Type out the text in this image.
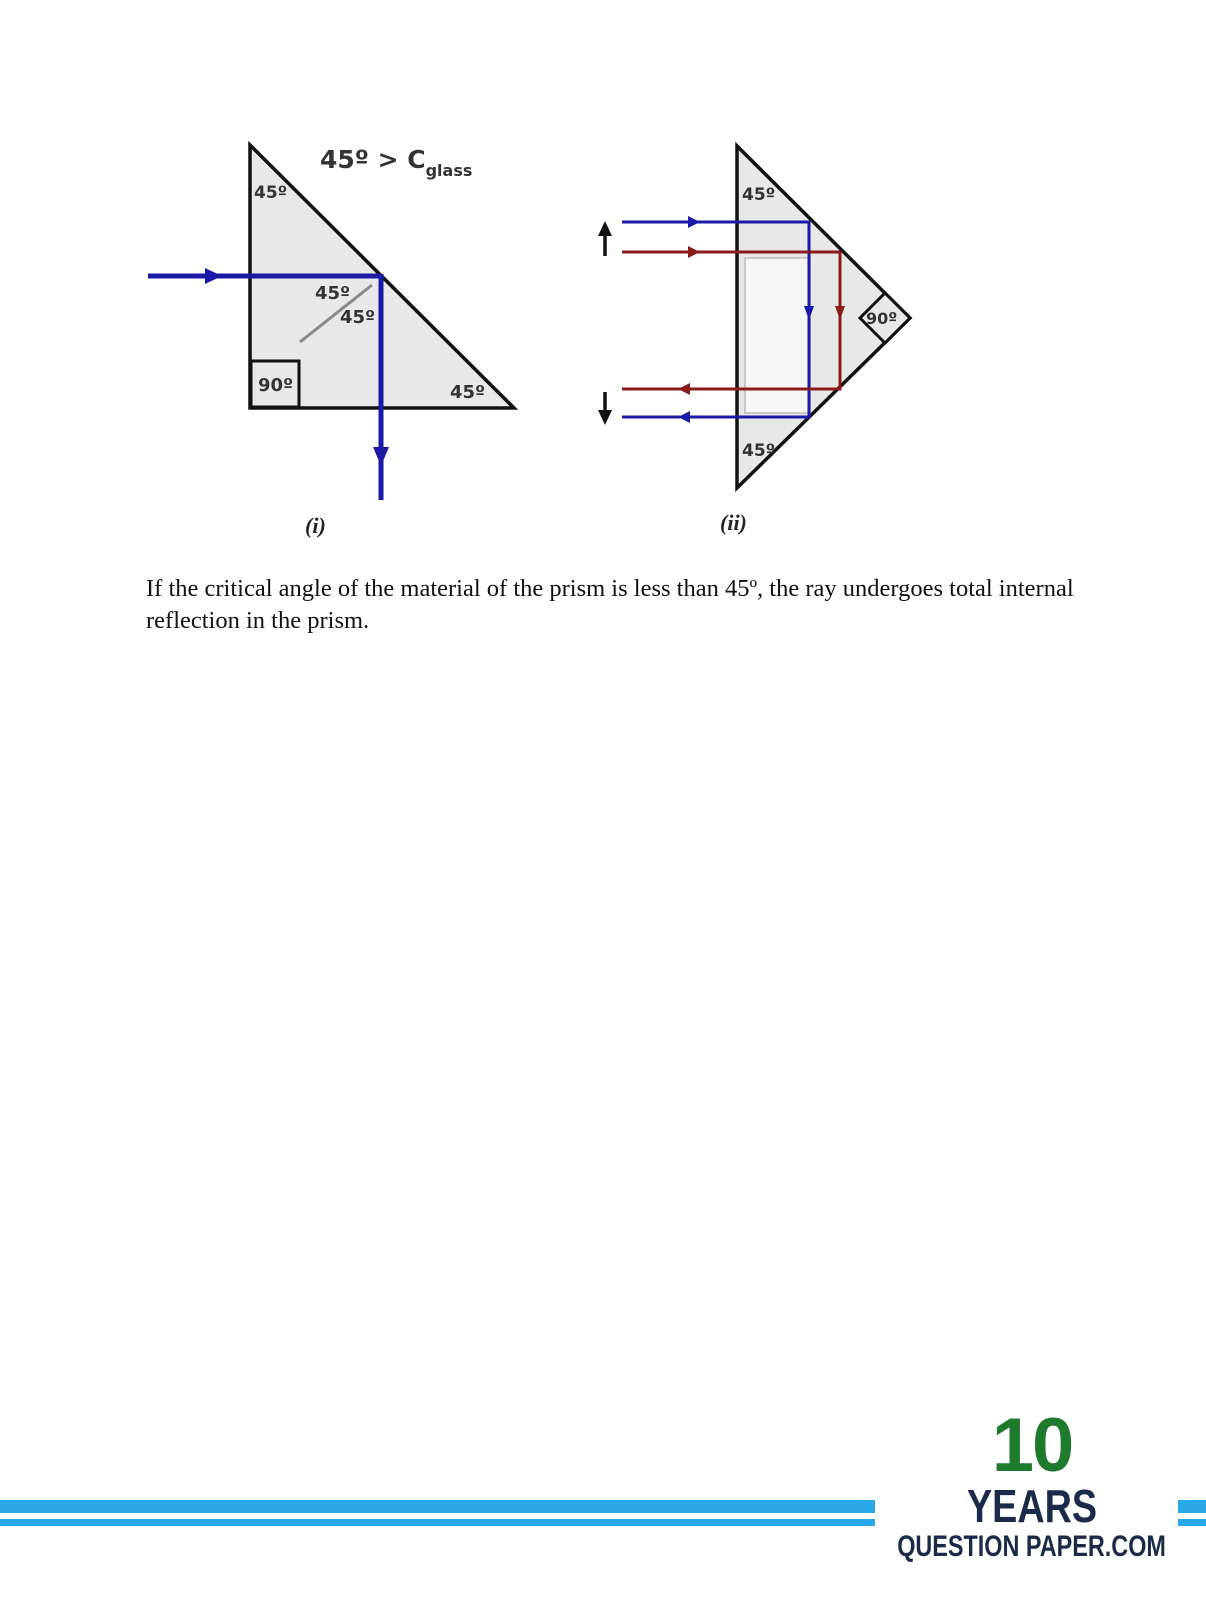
45º > $C_{glass}$
45º
45º
45º
90º	45º
(i)
45º
90º
45º
(ii)

If the critical angle of the material of the prism is less than 45º, the ray undergoes total internal reflection in the prism.

10
YEARS
QUESTION PAPER.COM
